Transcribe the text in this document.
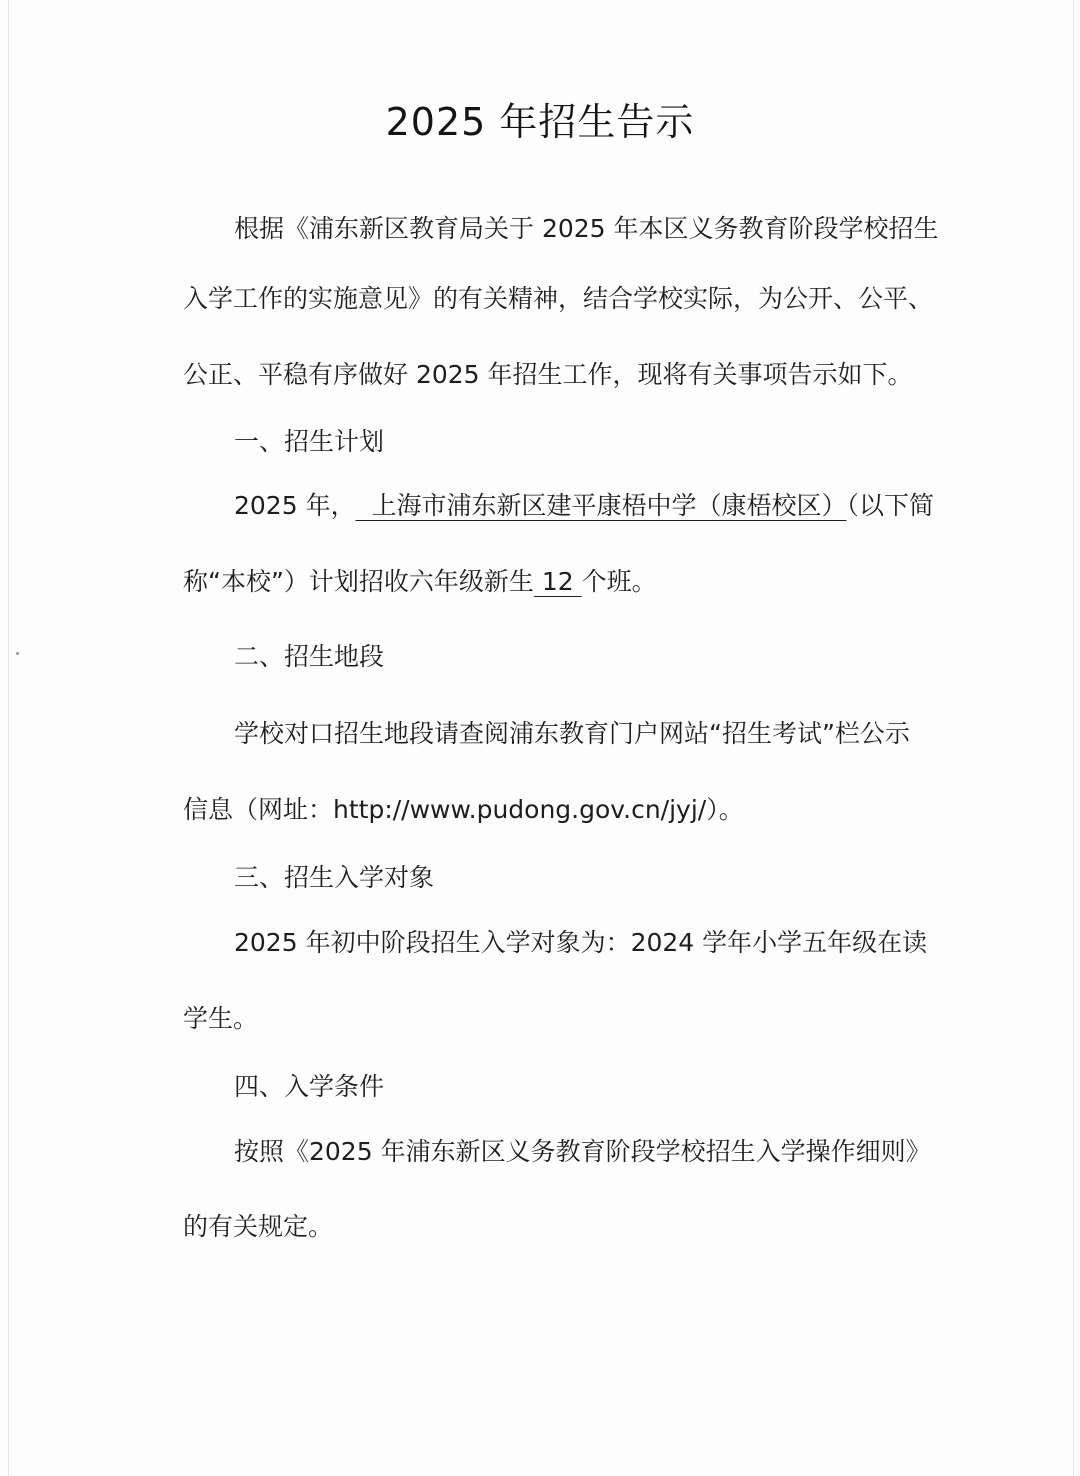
2025 年招生告示
根据《浦东新区教育局关于 2025 年本区义务教育阶段学校招生
入学工作的实施意见》的有关精神，结合学校实际，为公开、公平、
公正、平稳有序做好 2025 年招生工作，现将有关事项告示如下。
一、招生计划
2025 年，  上海市浦东新区建平康梧中学（康梧校区）（以下简
称“本校”）计划招收六年级新生 12 个班。
二、招生地段
学校对口招生地段请查阅浦东教育门户网站“招生考试”栏公示
信息（网址：http://www.pudong.gov.cn/jyj/）。
三、招生入学对象
2025 年初中阶段招生入学对象为：2024 学年小学五年级在读
学生。
四、入学条件
按照《2025 年浦东新区义务教育阶段学校招生入学操作细则》
的有关规定。
